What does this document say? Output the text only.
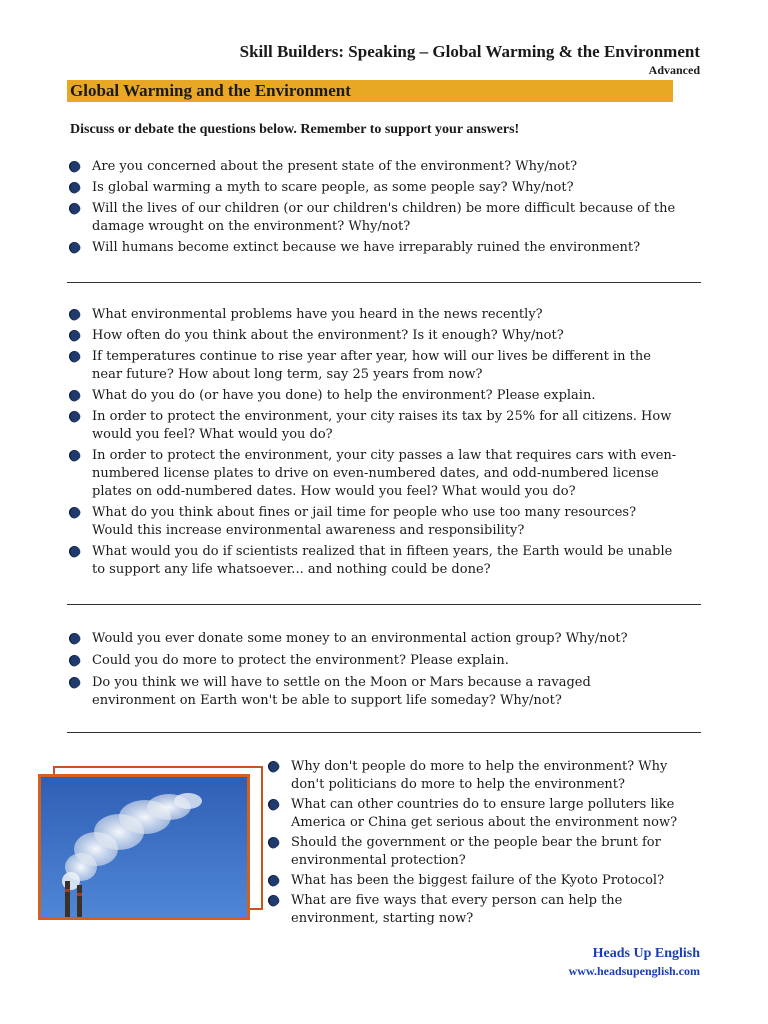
Skill Builders: Speaking – Global Warming & the Environment
Advanced
Global Warming and the Environment
Discuss or debate the questions below. Remember to support your answers!
Are you concerned about the present state of the environment? Why/not?
Is global warming a myth to scare people, as some people say? Why/not?
Will the lives of our children (or our children's children) be more difficult because of the
damage wrought on the environment? Why/not?
Will humans become extinct because we have irreparably ruined the environment?
What environmental problems have you heard in the news recently?
How often do you think about the environment? Is it enough? Why/not?
If temperatures continue to rise year after year, how will our lives be different in the
near future? How about long term, say 25 years from now?
What do you do (or have you done) to help the environment? Please explain.
In order to protect the environment, your city raises its tax by 25% for all citizens. How
would you feel? What would you do?
In order to protect the environment, your city passes a law that requires cars with even-
numbered license plates to drive on even-numbered dates, and odd-numbered license
plates on odd-numbered dates. How would you feel? What would you do?
What do you think about fines or jail time for people who use too many resources?
Would this increase environmental awareness and responsibility?
What would you do if scientists realized that in fifteen years, the Earth would be unable
to support any life whatsoever... and nothing could be done?
Would you ever donate some money to an environmental action group? Why/not?
Could you do more to protect the environment? Please explain.
Do you think we will have to settle on the Moon or Mars because a ravaged
environment on Earth won't be able to support life someday? Why/not?
Why don't people do more to help the environment? Why
don't politicians do more to help the environment?
What can other countries do to ensure large polluters like
America or China get serious about the environment now?
Should the government or the people bear the brunt for
environmental protection?
What has been the biggest failure of the Kyoto Protocol?
What are five ways that every person can help the
environment, starting now?
Heads Up English
www.headsupenglish.com
